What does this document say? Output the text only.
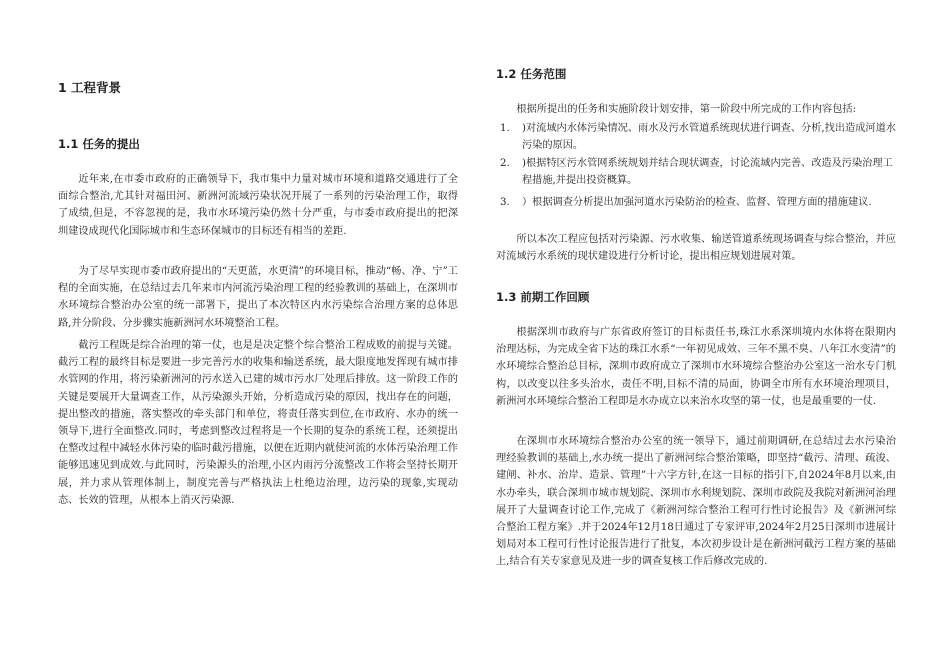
1 工程背景
1.1 任务的提出

近年来,在市委市政府的正确领导下，我市集中力量对城市环境和道路交通进行了全面综合整治,尤其针对福田河、新洲河流域污染状况开展了一系列的污染治理工作，取得了成绩,但是，不容忽视的是，我市水环境污染仍然十分严重，与市委市政府提出的把深圳建设成现代化国际城市和生态环保城市的目标还有相当的差距.

为了尽早实现市委市政府提出的“天更蓝，水更清”的环境目标，推动“畅、净、宁”工程的全面实施，在总结过去几年来市内河流污染治理工程的经验教训的基础上，在深圳市水环境综合整治办公室的统一部署下，提出了本次特区内水污染综合治理方案的总体思路,并分阶段、分步骤实施新洲河水环境整治工程。

截污工程既是综合治理的第一仗，也是是决定整个综合整治工程成败的前提与关键。截污工程的最终目标是要进一步完善污水的收集和输送系统，最大限度地发挥现有城市排水管网的作用，将污染新洲河的污水送入已建的城市污水厂处理后排放。这一阶段工作的关键是要展开大量调查工作，从污染源头开始，分析造成污染的原因，找出存在的问题，提出整改的措施，落实整改的牵头部门和单位，将责任落实到位,在市政府、水办的统一领导下,进行全面整改.同时，考虑到整改过程将是一个长期的复杂的系统工程，还须提出在整改过程中减轻水体污染的临时截污措施，以便在近期内就使河流的水体污染治理工作能够迅速见到成效.与此同时，污染源头的治理,小区内雨污分流整改工作将会坚持长期开展，并力求从管理体制上，制度完善与严格执法上杜绝边治理，边污染的现象,实现动态、长效的管理，从根本上消灭污染源.

1.2 任务范围

根据所提出的任务和实施阶段计划安排，第一阶段中所完成的工作内容包括:

1. )对流域内水体污染情况、雨水及污水管道系统现状进行调查、分析,找出造成河道水污染的原因。
2. )根据特区污水管网系统规划并结合现状调查，讨论流域内完善、改造及污染治理工程措施,并提出投资概算。
3. ）根据调查分析提出加强河道水污染防治的检查、监督、管理方面的措施建议.

所以本次工程应包括对污染源、污水收集、输送管道系统现场调查与综合整治，并应对流域污水系统的现状建设进行分析讨论，提出相应规划进展对策。

1.3 前期工作回顾

根据深圳市政府与广东省政府签订的目标责任书,珠江水系深圳境内水体将在限期内治理达标，为完成全省下达的珠江水系“一年初见成效、三年不黑不臭、八年江水变清”的水环境综合整治总目标，深圳市政府成立了深圳市水环境综合整治办公室这一治水专门机构，以改变以往多头治水，责任不明,目标不清的局面，协调全市所有水环境治理项目，新洲河水环境综合整治工程即是水办成立以来治水攻坚的第一仗，也是最重要的一仗.

在深圳市水环境综合整治办公室的统一领导下，通过前期调研,在总结过去水污染治理经验教训的基础上,水办统一提出了新洲河综合整治策略，即坚持“截污、清理、疏浚、建闸、补水、治岸、造景、管理”十六字方针,在这一目标的指引下,自2024年8月以来,由水办牵头，联合深圳市城市规划院、深圳市水利规划院、深圳市政院及我院对新洲河治理展开了大量调查讨论工作,完成了《新洲河综合整治工程可行性讨论报告》及《新洲河综合整治工程方案》.并于2024年12月18日通过了专家评审,2024年2月25日深圳市进展计划局对本工程可行性讨论报告进行了批复，本次初步设计是在新洲河截污工程方案的基础上,结合有关专家意见及进一步的调查复核工作后修改完成的.
